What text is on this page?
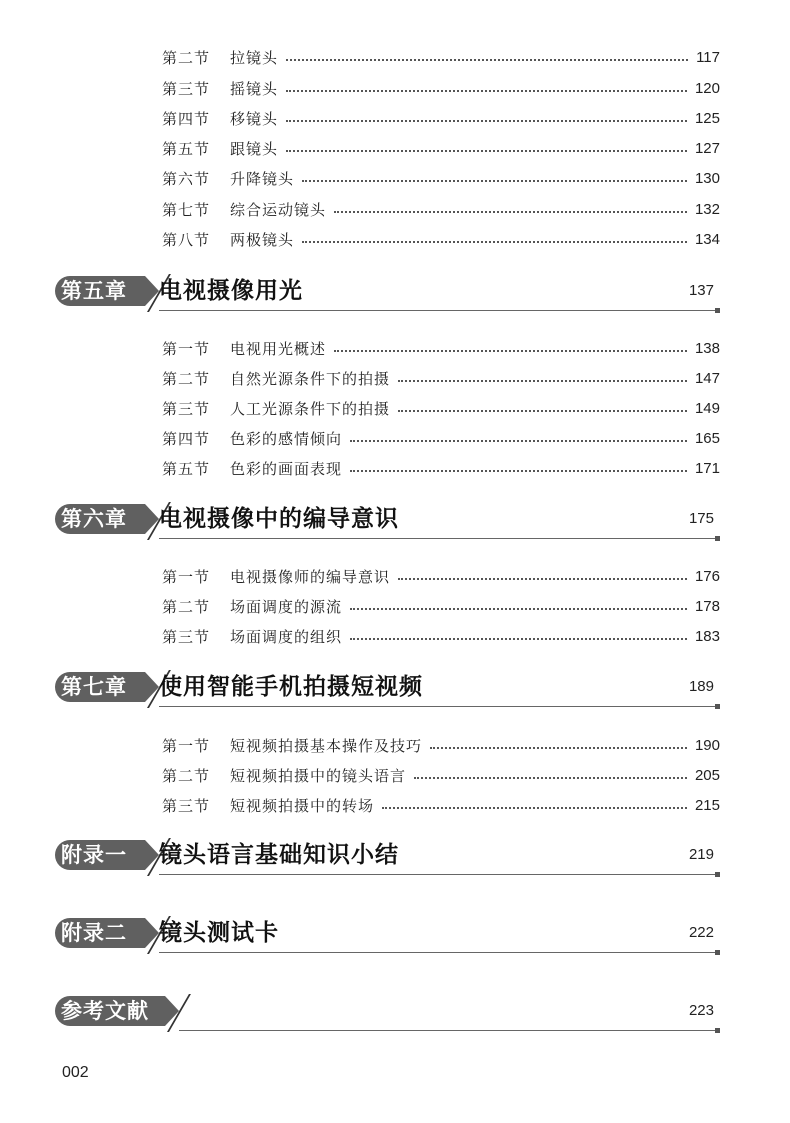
第二节	拉镜头	117
第三节	摇镜头	120
第四节	移镜头	125
第五节	跟镜头	127
第六节	升降镜头	130
第七节	综合运动镜头	132
第八节	两极镜头	134
第五章	电视摄像用光	137
第一节	电视用光概述	138
第二节	自然光源条件下的拍摄	147
第三节	人工光源条件下的拍摄	149
第四节	色彩的感情倾向	165
第五节	色彩的画面表现	171
第六章	电视摄像中的编导意识	175
第一节	电视摄像师的编导意识	176
第二节	场面调度的源流	178
第三节	场面调度的组织	183
第七章	使用智能手机拍摄短视频	189
第一节	短视频拍摄基本操作及技巧	190
第二节	短视频拍摄中的镜头语言	205
第三节	短视频拍摄中的转场	215
附录一	镜头语言基础知识小结	219
附录二	镜头测试卡	222
参考文献	223
002
